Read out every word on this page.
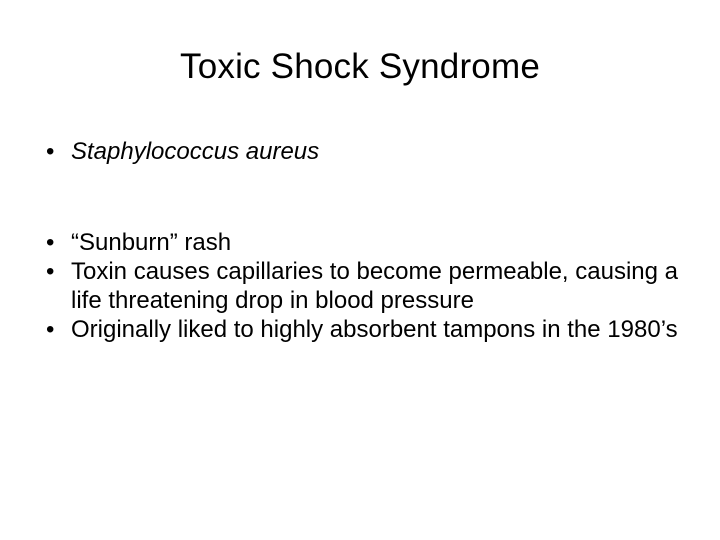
Toxic Shock Syndrome
• Staphylococcus aureus
• “Sunburn” rash
• Toxin causes capillaries to become permeable, causing a life threatening drop in blood pressure
• Originally liked to highly absorbent tampons in the 1980’s
